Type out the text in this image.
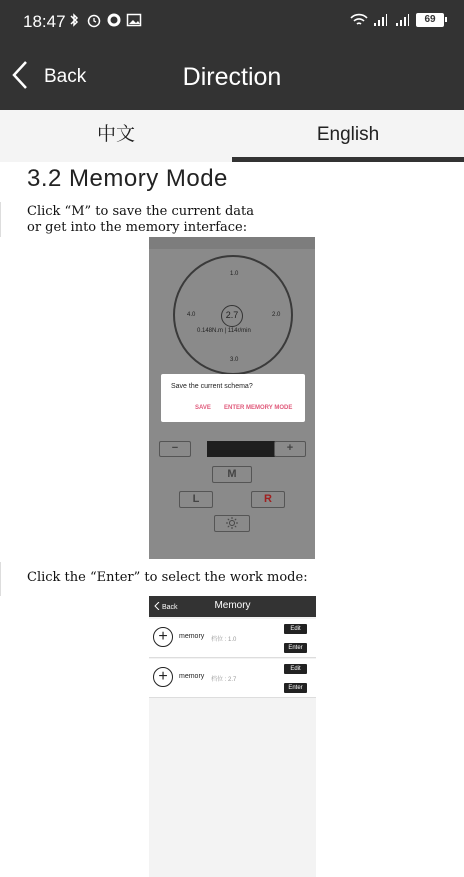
18:47	69
Back	Direction
中文	English
3.2 Memory Mode
Click “M” to save the current data
or get into the memory interface:
1.0
4.0	2.0
3.0
2.7
0.148N.m | 114r/min
Save the current schema?
SAVE ENTER MEMORY MODE
−	+
M
L	R
Click the “Enter” to select the work mode:
Back	Memory
+	memory 档位 : 1.0
Edit
Enter
+	memory 档位 : 2.7
Edit
Enter
